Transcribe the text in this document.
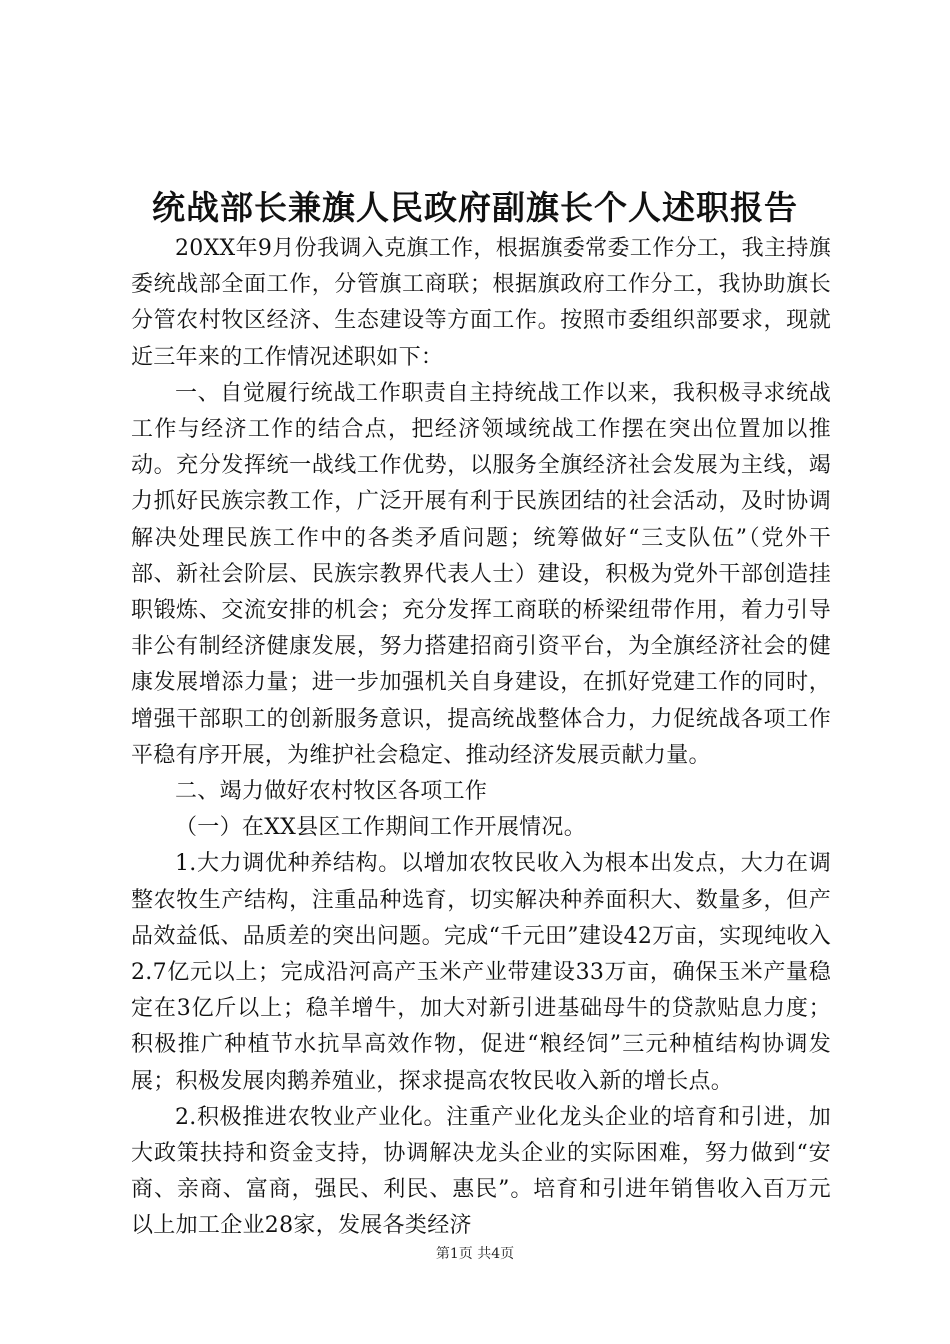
统战部长兼旗人民政府副旗长个人述职报告

20XX年9月份我调入克旗工作，根据旗委常委工作分工，我主持旗委统战部全面工作，分管旗工商联；根据旗政府工作分工，我协助旗长分管农村牧区经济、生态建设等方面工作。按照市委组织部要求，现就近三年来的工作情况述职如下：

一、自觉履行统战工作职责自主持统战工作以来，我积极寻求统战工作与经济工作的结合点，把经济领域统战工作摆在突出位置加以推动。充分发挥统一战线工作优势，以服务全旗经济社会发展为主线，竭力抓好民族宗教工作，广泛开展有利于民族团结的社会活动，及时协调解决处理民族工作中的各类矛盾问题；统筹做好“三支队伍”（党外干部、新社会阶层、民族宗教界代表人士）建设，积极为党外干部创造挂职锻炼、交流安排的机会；充分发挥工商联的桥梁纽带作用，着力引导非公有制经济健康发展，努力搭建招商引资平台，为全旗经济社会的健康发展增添力量；进一步加强机关自身建设，在抓好党建工作的同时，增强干部职工的创新服务意识，提高统战整体合力，力促统战各项工作平稳有序开展，为维护社会稳定、推动经济发展贡献力量。

二、竭力做好农村牧区各项工作

（一）在XX县区工作期间工作开展情况。

1.大力调优种养结构。以增加农牧民收入为根本出发点，大力在调整农牧生产结构，注重品种选育，切实解决种养面积大、数量多，但产品效益低、品质差的突出问题。完成“千元田”建设42万亩，实现纯收入2.7亿元以上；完成沿河高产玉米产业带建设33万亩，确保玉米产量稳定在3亿斤以上；稳羊增牛，加大对新引进基础母牛的贷款贴息力度；积极推广种植节水抗旱高效作物，促进“粮经饲”三元种植结构协调发展；积极发展肉鹅养殖业，探求提高农牧民收入新的增长点。

2.积极推进农牧业产业化。注重产业化龙头企业的培育和引进，加大政策扶持和资金支持，协调解决龙头企业的实际困难，努力做到“安商、亲商、富商，强民、利民、惠民”。培育和引进年销售收入百万元以上加工企业28家，发展各类经济

第1页 共4页
